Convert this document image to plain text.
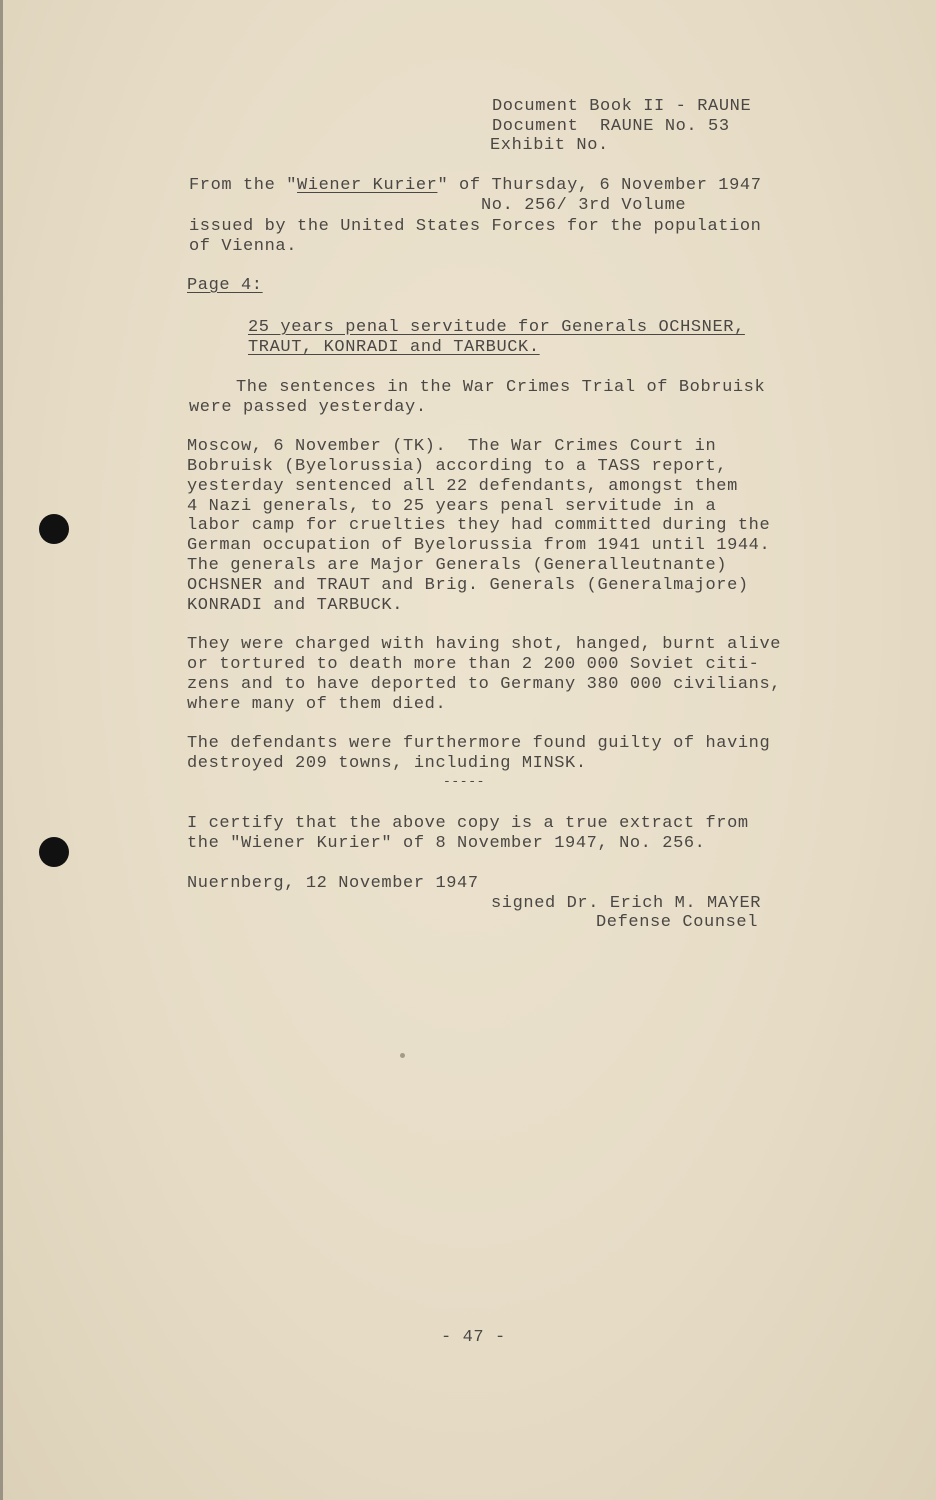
Document Book II - RAUNE
Document  RAUNE No. 53
Exhibit No.
From the "Wiener Kurier" of Thursday, 6 November 1947
No. 256/ 3rd Volume
issued by the United States Forces for the population
of Vienna.
Page 4:
25 years penal servitude for Generals OCHSNER,
TRAUT, KONRADI and TARBUCK.
The sentences in the War Crimes Trial of Bobruisk
were passed yesterday.
Moscow, 6 November (TK).  The War Crimes Court in
Bobruisk (Byelorussia) according to a TASS report,
yesterday sentenced all 22 defendants, amongst them
4 Nazi generals, to 25 years penal servitude in a
labor camp for cruelties they had committed during the
German occupation of Byelorussia from 1941 until 1944.
The generals are Major Generals (Generalleutnante)
OCHSNER and TRAUT and Brig. Generals (Generalmajore)
KONRADI and TARBUCK.
They were charged with having shot, hanged, burnt alive
or tortured to death more than 2 200 000 Soviet citi-
zens and to have deported to Germany 380 000 civilians,
where many of them died.
The defendants were furthermore found guilty of having
destroyed 209 towns, including MINSK.
-----
I certify that the above copy is a true extract from
the "Wiener Kurier" of 8 November 1947, No. 256.
Nuernberg, 12 November 1947
signed Dr. Erich M. MAYER
Defense Counsel
- 47 -
